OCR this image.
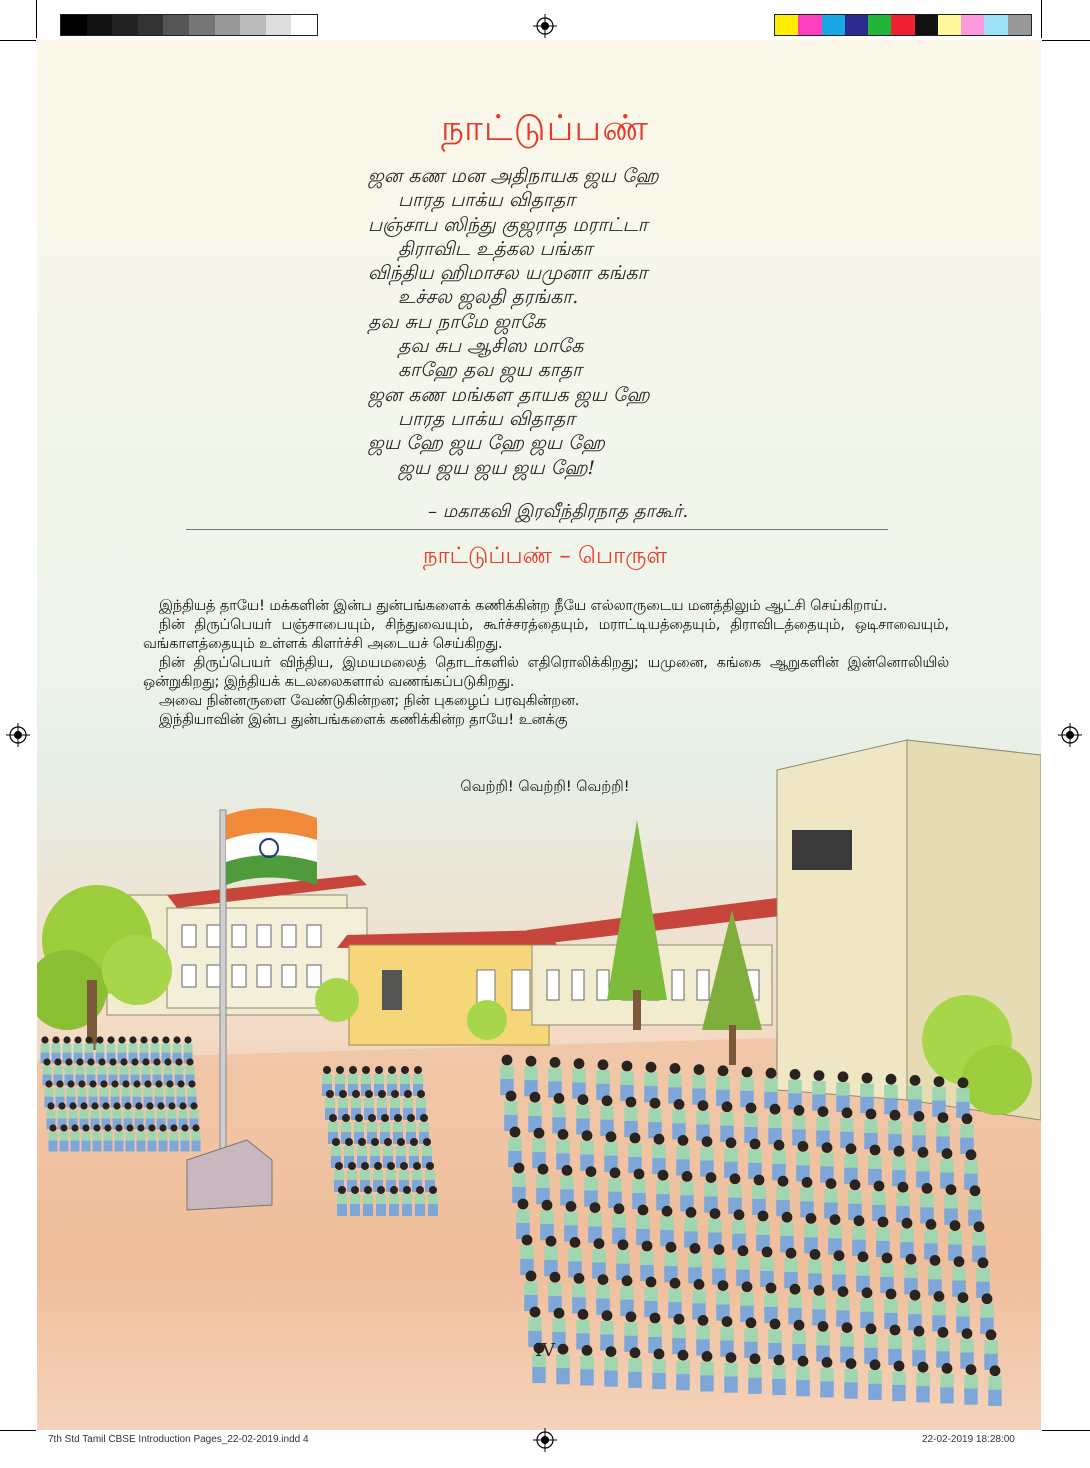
நாட்டுப்பண்
ஜன கண மன அதிநாயக ஜய ஹே
பாரத பாக்ய விதாதா
பஞ்சாப ஸிந்து குஜராத மராட்டா
திராவிட உத்கல பங்கா
விந்திய ஹிமாசல யமுனா கங்கா
உச்சல ஜலதி தரங்கா.
தவ சுப நாமே ஜாகே
தவ சுப ஆசிஸ மாகே
காஹே தவ ஜய காதா
ஜன கண மங்கள தாயக ஜய ஹே
பாரத பாக்ய விதாதா
ஜய ஹே ஜய ஹே ஜய ஹே
ஜய ஜய ஜய ஜய ஹே!
– மகாகவி இரவீந்திரநாத தாகூர்.
நாட்டுப்பண் – பொருள்

இந்தியத் தாயே! மக்களின் இன்ப துன்பங்களைக் கணிக்கின்ற நீயே எல்லாருடைய மனத்திலும் ஆட்சி செய்கிறாய்.

நின் திருப்பெயர் பஞ்சாபையும், சிந்துவையும், கூர்ச்சரத்தையும், மராட்டியத்தையும், திராவிடத்தையும், ஒடிசாவையும், வங்காளத்தையும் உள்ளக் கிளர்ச்சி அடையச் செய்கிறது.

நின் திருப்பெயர் விந்திய, இமயமலைத் தொடர்களில் எதிரொலிக்கிறது; யமுனை, கங்கை ஆறுகளின் இன்னொலியில் ஒன்றுகிறது; இந்தியக் கடலலைகளால் வணங்கப்படுகிறது.

அவை நின்னருளை வேண்டுகின்றன; நின் புகழைப் பரவுகின்றன.

இந்தியாவின் இன்ப துன்பங்களைக் கணிக்கின்ற தாயே! உனக்கு

வெற்றி! வெற்றி! வெற்றி!
IV
7th Std Tamil CBSE Introduction Pages_22-02-2019.indd 4	22-02-2019 18:28:00
